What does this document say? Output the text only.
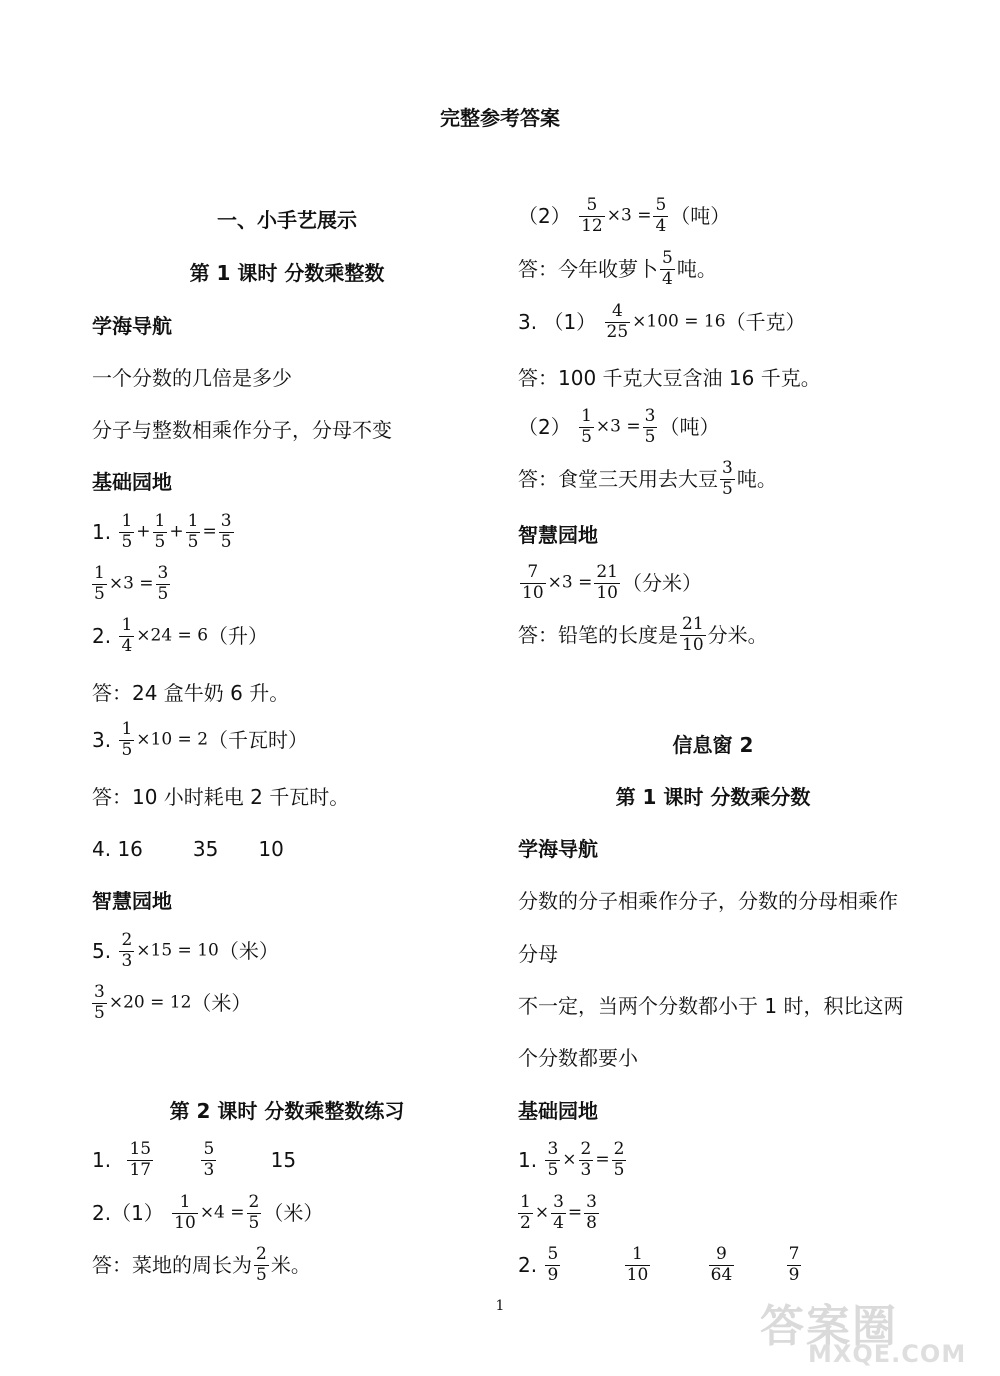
完整参考答案
一、小手艺展示
第 1 课时 分数乘整数
学海导航
一个分数的几倍是多少
分子与整数相乘作分子，分母不变
基础园地
1. $\frac{1}{5} + \frac{1}{5} + \frac{1}{5} = \frac{3}{5}$
$\frac{1}{5} \times 3 = \frac{3}{5}$
2. $\frac{1}{4} \times 24 = 6$（升）
答：24 盒牛奶 6 升。
3. $\frac{1}{5} \times 10 = 2$（千瓦时）
答：10 小时耗电 2 千瓦时。
4. 16	35 10
智慧园地
5. $\frac{2}{3} \times 15 = 10$（米）
$\frac{3}{5} \times 20 = 12$（米）
第 2 课时 分数乘整数练习
1. $\frac{15}{17}$
	$\frac{5}{3}$	15
$2.(1) \frac{1}{10} \times 4 = \frac{2}{5}$ （米）
答：菜地的周长为 $\frac{2}{5}$ 米。
$(2) \frac{5}{12} \times 3 = \frac{5}{4}$ （吨）
答：今年收萝卜 $\frac{5}{4}$ 吨。
3. $(1) \frac{4}{25} \times 100 = 16$（千克）
答：100 千克大豆含油 16 千克。
$(2) \frac{1}{5} \times 3 = \frac{3}{5}$ （吨）
答：食堂三天用去大豆 $\frac{3}{5}$ 吨。
智慧园地
$\frac{7}{10} \times 3 = \frac{21}{10}$ （分米）
答：铅笔的长度是 $\frac{21}{10}$ 分米。
信息窗 2
第 1 课时 分数乘分数
学海导航
分数的分子相乘作分子，分数的分母相乘作
分母
不一定，当两个分数都小于 1 时，积比这两
个分数都要小
基础园地
1. $\frac{3}{5} \times \frac{2}{3} = \frac{2}{5}$
$\frac{1}{2} \times \frac{3}{4} = \frac{3}{8}$
2. $\frac{5}{9}$
	$\frac{1}{10}$
	$\frac{9}{64}$
	$\frac{7}{9}$
1	答案圈
MXQE.COM
